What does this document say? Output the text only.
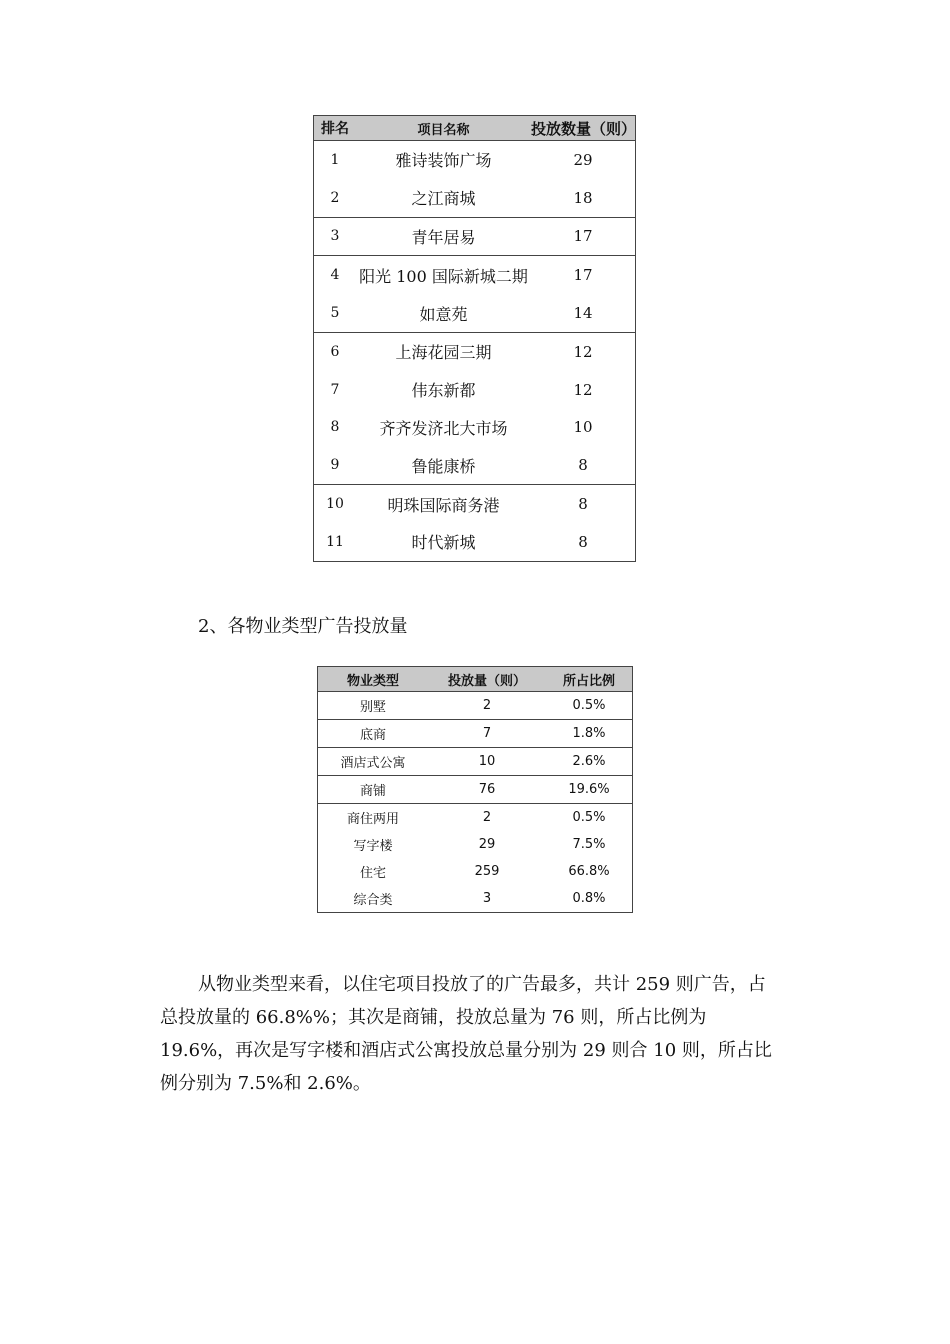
排名	项目名称	投放数量（则）
1	雅诗装饰广场	29
2	之江商城	18
3	青年居易	17
4	阳光 100 国际新城二期	17
5	如意苑	14
6	上海花园三期	12
7	伟东新都	12
8	齐齐发济北大市场	10
9	鲁能康桥	8
10	明珠国际商务港	8
11	时代新城	8
2、各物业类型广告投放量
物业类型	投放量（则）	所占比例
别墅	2	0.5%
底商	7	1.8%
酒店式公寓	10	2.6%
商铺	76	19.6%
商住两用	2	0.5%
写字楼	29	7.5%
住宅	259	66.8%
综合类	3	0.8%
从物业类型来看，以住宅项目投放了的广告最多，共计 259 则广告，占
总投放量的 66.8%%；其次是商铺，投放总量为 76 则，所占比例为
19.6%，再次是写字楼和酒店式公寓投放总量分别为 29 则合 10 则，所占比
例分别为 7.5%和 2.6%。
